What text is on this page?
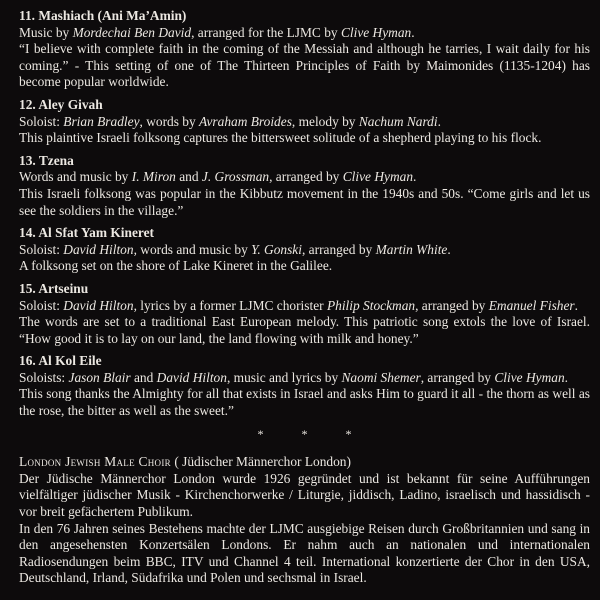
11. Mashiach (Ani Ma’Amin)
Music by Mordechai Ben David, arranged for the LJMC by Clive Hyman.

“I believe with complete faith in the coming of the Messiah and although he tarries, I wait daily for his coming.” - This setting of one of The Thirteen Principles of Faith by Maimonides (1135-1204) has become popular worldwide.

12. Aley Givah
Soloist: Brian Bradley, words by Avraham Broides, melody by Nachum Nardi.

This plaintive Israeli folksong captures the bittersweet solitude of a shepherd playing to his flock.

13. Tzena
Words and music by I. Miron and J. Grossman, arranged by Clive Hyman.

This Israeli folksong was popular in the Kibbutz movement in the 1940s and 50s. “Come girls and let us see the soldiers in the village.”

14. Al Sfat Yam Kineret
Soloist: David Hilton, words and music by Y. Gonski, arranged by Martin White.

A folksong set on the shore of Lake Kineret in the Galilee.

15. Artseinu
Soloist: David Hilton, lyrics by a former LJMC chorister Philip Stockman, arranged by Emanuel Fisher.

The words are set to a traditional East European melody. This patriotic song extols the love of Israel. “How good it is to lay on our land, the land flowing with milk and honey.”

16. Al Kol Eile
Soloists: Jason Blair and David Hilton, music and lyrics by Naomi Shemer, arranged by Clive Hyman.

This song thanks the Almighty for all that exists in Israel and asks Him to guard it all - the thorn as well as the rose, the bitter as well as the sweet.”

*	*	*
London Jewish Male Choir ( Jüdischer Männerchor London)

Der Jüdische Männerchor London wurde 1926 gegründet und ist bekannt für seine Aufführungen vielfältiger jüdischer Musik - Kirchenchorwerke / Liturgie, jiddisch, Ladino, israelisch und hassidisch - vor breit gefächertem Publikum.

In den 76 Jahren seines Bestehens machte der LJMC ausgiebige Reisen durch Großbritannien und sang in den angesehensten Konzertsälen Londons. Er nahm auch an nationalen und internationalen Radiosendungen beim BBC, ITV und Channel 4 teil. International konzertierte der Chor in den USA, Deutschland, Irland, Südafrika und Polen und sechsmal in Israel.
